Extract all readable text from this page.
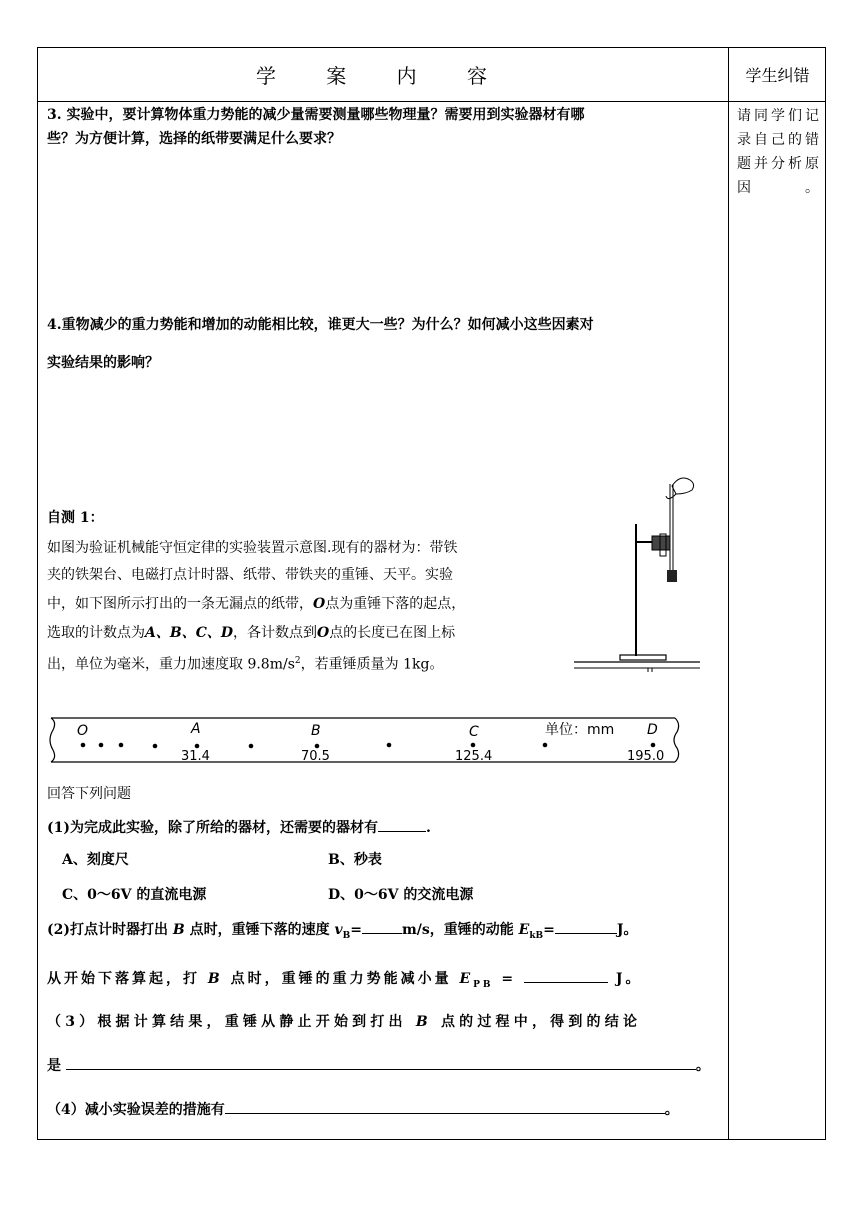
学 案 内 容	学生纠错
请同学们记录自己的错题并分析原因。
3. 实验中，要计算物体重力势能的减少量需要测量哪些物理量？需要用到实验器材有哪
些？为方便计算，选择的纸带要满足什么要求？
4.重物减少的重力势能和增加的动能相比较，谁更大一些？为什么？如何减小这些因素对
实验结果的影响？
自测 1：
如图为验证机械能守恒定律的实验装置示意图.现有的器材为：带铁
夹的铁架台、电磁打点计时器、纸带、带铁夹的重锤、天平。实验
中，如下图所示打出的一条无漏点的纸带，O点为重锤下落的起点，
选取的计数点为A、B、C、D，各计数点到O点的长度已在图上标
出，单位为毫米，重力加速度取 $9.8m/s^2$，若重锤质量为 1kg。
O	A	B	C	D
单位：mm
31.4	70.5	125.4	195.0
回答下列问题
(1)为完成此实验，除了所给的器材，还需要的器材有	.
A、刻度尺	B、秒表
C、0～6V 的直流电源	D、0～6V 的交流电源
(2)打点计时器打出 B 点时，重锤下落的速度 $v_B=$	m/s，重锤的动能 $E_{kB}=$	J。
从开始下落算起，打 B 点时，重锤的重力势能减小量 $E_{PB}$ =	J。
（3）根据计算结果，重锤从静止开始到打出 B 点的过程中，得到的结论
是	。
（4）减小实验误差的措施有	。
